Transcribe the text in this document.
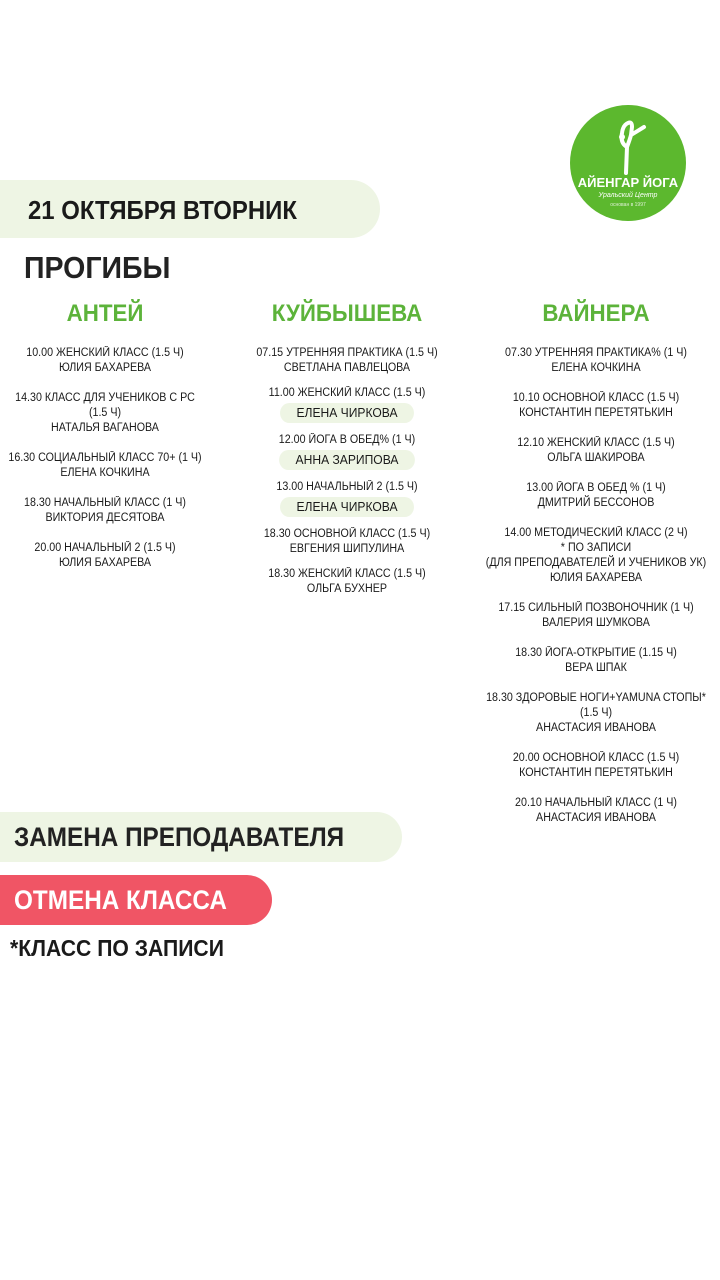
АЙЕНГАР ЙОГА
Уральский Центр
основан в 1997
21 ОКТЯБРЯ ВТОРНИК
ПРОГИБЫ
АНТЕЙ
10.00 ЖЕНСКИЙ КЛАСС (1.5 Ч)
ЮЛИЯ БАХАРЕВА
14.30 КЛАСС ДЛЯ УЧЕНИКОВ С РС
(1.5 Ч)
НАТАЛЬЯ ВАГАНОВА
16.30 СОЦИАЛЬНЫЙ КЛАСС 70+ (1 Ч)
ЕЛЕНА КОЧКИНА
18.30 НАЧАЛЬНЫЙ КЛАСС (1 Ч)
ВИКТОРИЯ ДЕСЯТОВА
20.00 НАЧАЛЬНЫЙ 2 (1.5 Ч)
ЮЛИЯ БАХАРЕВА
КУЙБЫШЕВА
07.15 УТРЕННЯЯ ПРАКТИКА (1.5 Ч)
СВЕТЛАНА ПАВЛЕЦОВА
11.00 ЖЕНСКИЙ КЛАСС (1.5 Ч)
ЕЛЕНА ЧИРКОВА
12.00 ЙОГА В ОБЕД% (1 Ч)
АННА ЗАРИПОВА
13.00 НАЧАЛЬНЫЙ 2 (1.5 Ч)
ЕЛЕНА ЧИРКОВА
18.30 ОСНОВНОЙ КЛАСС (1.5 Ч)
ЕВГЕНИЯ ШИПУЛИНА
18.30 ЖЕНСКИЙ КЛАСС (1.5 Ч)
ОЛЬГА БУХНЕР
ВАЙНЕРА
07.30 УТРЕННЯЯ ПРАКТИКА% (1 Ч)
ЕЛЕНА КОЧКИНА
10.10 ОСНОВНОЙ КЛАСС (1.5 Ч)
КОНСТАНТИН ПЕРЕТЯТЬКИН
12.10 ЖЕНСКИЙ КЛАСС (1.5 Ч)
ОЛЬГА ШАКИРОВА
13.00 ЙОГА В ОБЕД % (1 Ч)
ДМИТРИЙ БЕССОНОВ
14.00 МЕТОДИЧЕСКИЙ КЛАСС (2 Ч)
* ПО ЗАПИСИ
(ДЛЯ ПРЕПОДАВАТЕЛЕЙ И УЧЕНИКОВ УК)
ЮЛИЯ БАХАРЕВА
17.15 СИЛЬНЫЙ ПОЗВОНОЧНИК (1 Ч)
ВАЛЕРИЯ ШУМКОВА
18.30 ЙОГА-ОТКРЫТИЕ (1.15 Ч)
ВЕРА ШПАК
18.30 ЗДОРОВЫЕ НОГИ+YAMUNA СТОПЫ*
(1.5 Ч)
АНАСТАСИЯ ИВАНОВА
20.00 ОСНОВНОЙ КЛАСС (1.5 Ч)
КОНСТАНТИН ПЕРЕТЯТЬКИН
20.10 НАЧАЛЬНЫЙ КЛАСС (1 Ч)
АНАСТАСИЯ ИВАНОВА
ЗАМЕНА ПРЕПОДАВАТЕЛЯ
ОТМЕНА КЛАССА
*КЛАСС ПО ЗАПИСИ
